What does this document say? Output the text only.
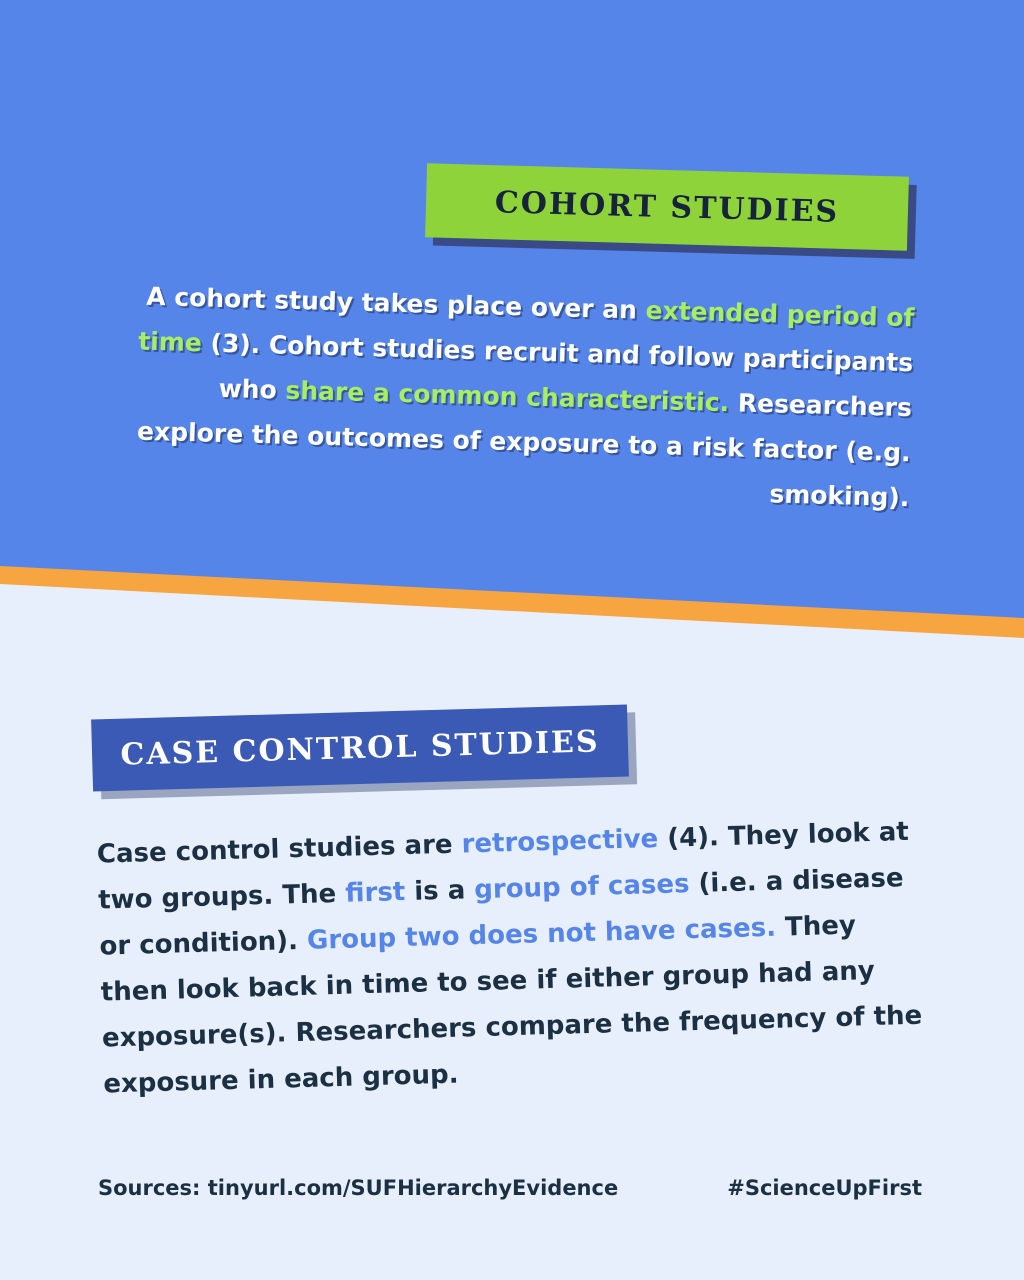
COHORT STUDIES
A cohort study takes place over an extended period of time (3). Cohort studies recruit and follow participants who share a common characteristic. Researchers explore the outcomes of exposure to a risk factor (e.g. smoking).
CASE CONTROL STUDIES
Case control studies are retrospective (4). They look at two groups. The first is a group of cases (i.e. a disease or condition). Group two does not have cases. They then look back in time to see if either group had any exposure(s). Researchers compare the frequency of the exposure in each group.
Sources: tinyurl.com/SUFHierarchyEvidence	#ScienceUpFirst
